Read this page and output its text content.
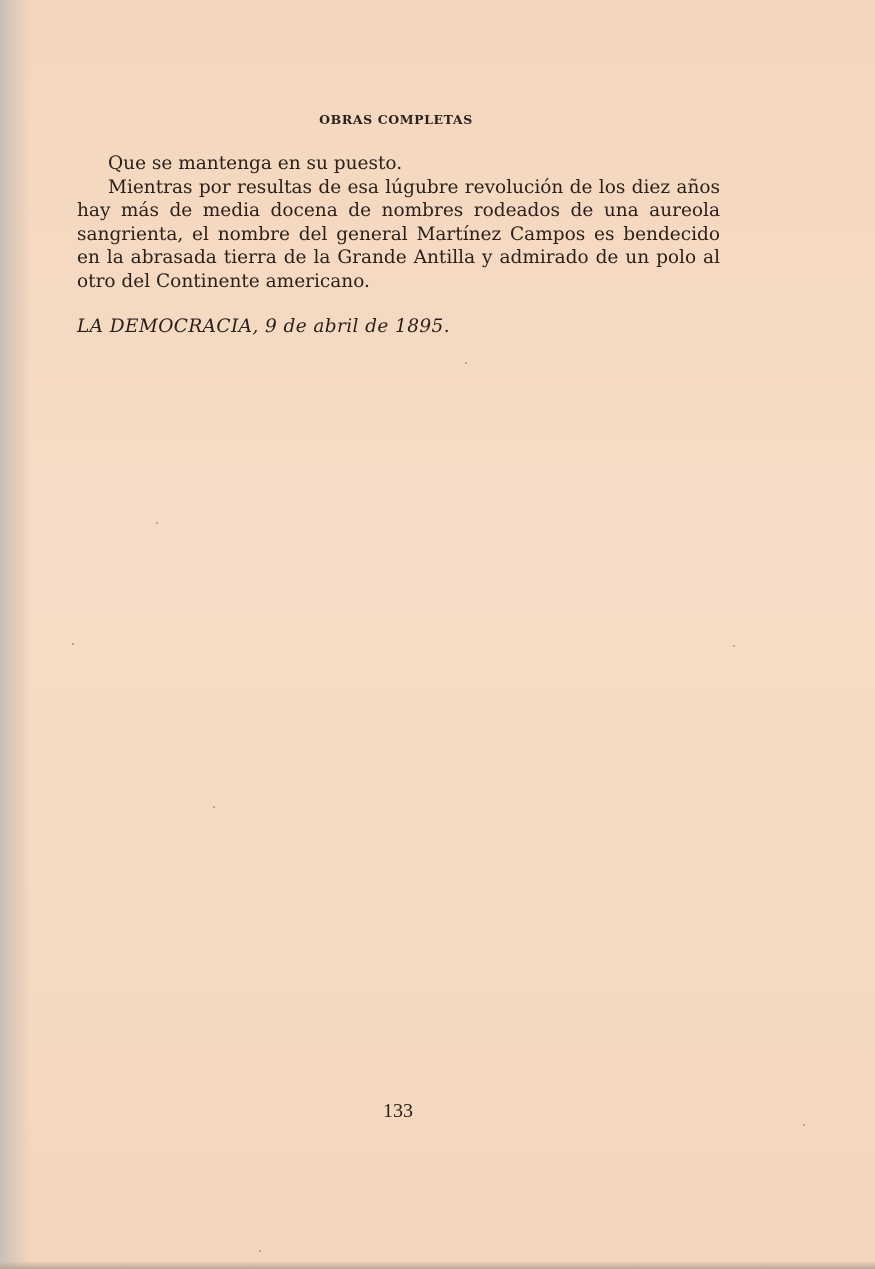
OBRAS COMPLETAS

Que se mantenga en su puesto.

Mientras por resultas de esa lúgubre revolución de los diez años hay más de media docena de nombres rodeados de una aureola sangrienta, el nombre del general Martínez Campos es bendecido en la abrasada tierra de la Grande Antilla y admirado de un polo al otro del Continente americano.

LA DEMOCRACIA, 9 de abril de 1895.
133
